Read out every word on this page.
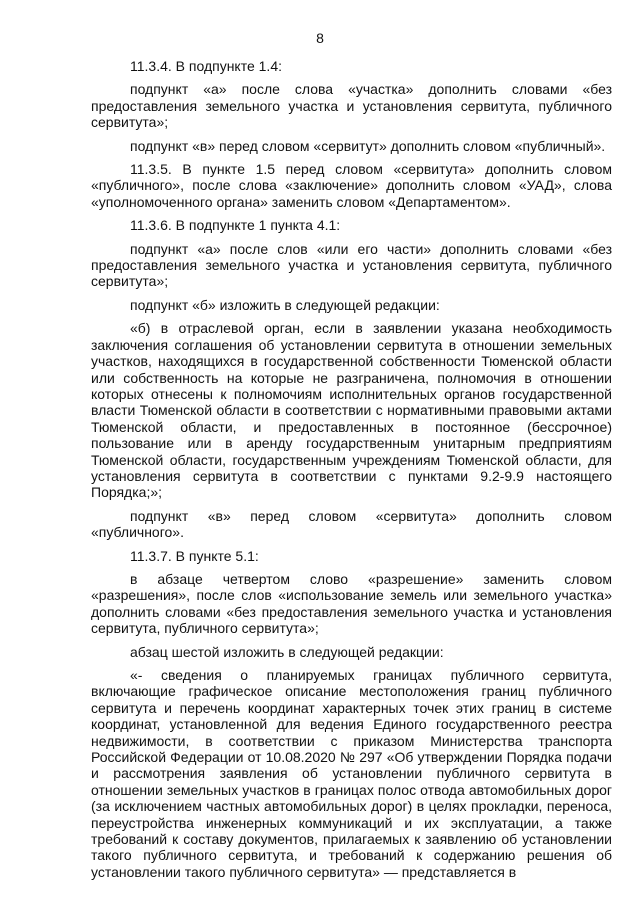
8

11.3.4. В подпункте 1.4:

подпункт «а» после слова «участка» дополнить словами «без предоставления земельного участка и установления сервитута, публичного сервитута»;

подпункт «в» перед словом «сервитут» дополнить словом «публичный».

11.3.5. В пункте 1.5 перед словом «сервитута» дополнить словом «публичного», после слова «заключение» дополнить словом «УАД», слова «уполномоченного органа» заменить словом «Департаментом».

11.3.6. В подпункте 1 пункта 4.1:

подпункт «а» после слов «или его части» дополнить словами «без предоставления земельного участка и установления сервитута, публичного сервитута»;

подпункт «б» изложить в следующей редакции:

«б) в отраслевой орган, если в заявлении указана необходимость заключения соглашения об установлении сервитута в отношении земельных участков, находящихся в государственной собственности Тюменской области или собственность на которые не разграничена, полномочия в отношении которых отнесены к полномочиям исполнительных органов государственной власти Тюменской области в соответствии с нормативными правовыми актами Тюменской области, и предоставленных в постоянное (бессрочное) пользование или в аренду государственным унитарным предприятиям Тюменской области, государственным учреждениям Тюменской области, для установления сервитута в соответствии с пунктами 9.2-9.9 настоящего Порядка;»;

подпункт «в» перед словом «сервитута» дополнить словом «публичного».

11.3.7. В пункте 5.1:

в абзаце четвертом слово «разрешение» заменить словом «разрешения», после слов «использование земель или земельного участка» дополнить словами «без предоставления земельного участка и установления сервитута, публичного сервитута»;

абзац шестой изложить в следующей редакции:

«- сведения о планируемых границах публичного сервитута, включающие графическое описание местоположения границ публичного сервитута и перечень координат характерных точек этих границ в системе координат, установленной для ведения Единого государственного реестра недвижимости, в соответствии с приказом Министерства транспорта Российской Федерации от 10.08.2020 № 297 «Об утверждении Порядка подачи и рассмотрения заявления об установлении публичного сервитута в отношении земельных участков в границах полос отвода автомобильных дорог (за исключением частных автомобильных дорог) в целях прокладки, переноса, переустройства инженерных коммуникаций и их эксплуатации, а также требований к составу документов, прилагаемых к заявлению об установлении такого публичного сервитута, и требований к содержанию решения об установлении такого публичного сервитута» — представляется в
